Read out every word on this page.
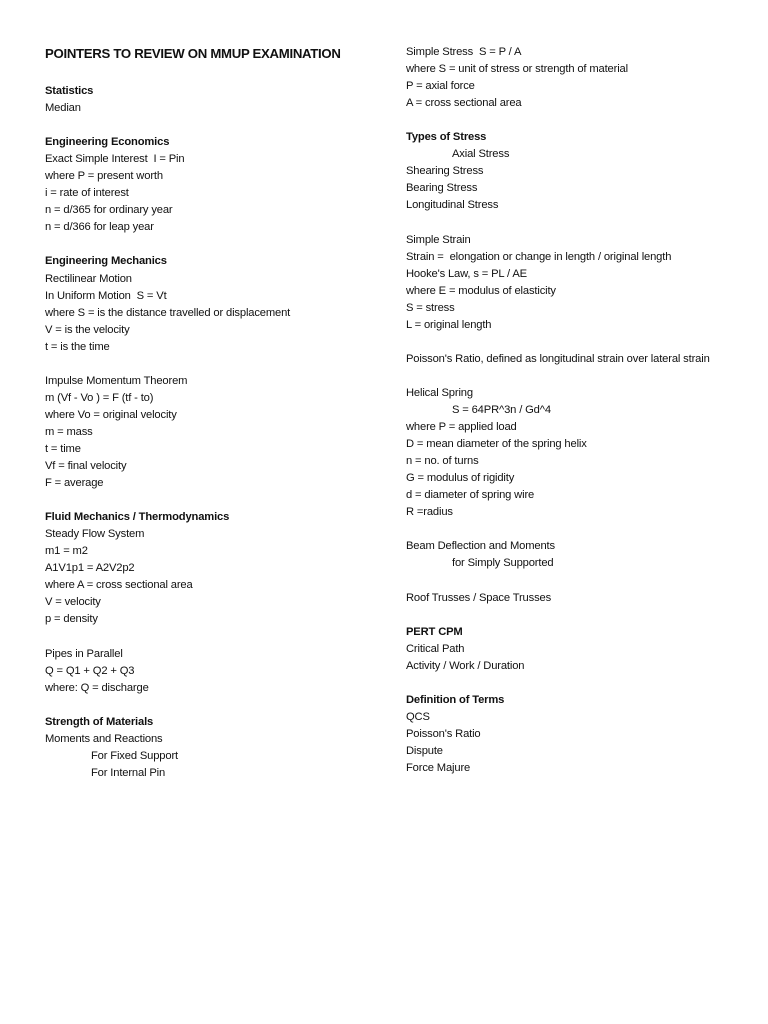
POINTERS TO REVIEW ON MMUP EXAMINATION
Statistics
Median
Engineering Economics
Exact Simple Interest  I = Pin
where P = present worth
i = rate of interest
n = d/365 for ordinary year
n = d/366 for leap year
Engineering Mechanics
Rectilinear Motion
In Uniform Motion  S = Vt
where S = is the distance travelled or displacement
V = is the velocity
t = is the time
Impulse Momentum Theorem
m (Vf - Vo ) = F (tf - to)
where Vo = original velocity
m = mass
t = time
Vf = final velocity
F = average
Fluid Mechanics / Thermodynamics
Steady Flow System
m1 = m2
A1V1p1 = A2V2p2
where A = cross sectional area
V = velocity
p = density
Pipes in Parallel
Q = Q1 + Q2 + Q3
where: Q = discharge
Strength of Materials
Moments and Reactions
For Fixed Support
For Internal Pin
Simple Stress  S = P / A
where S = unit of stress or strength of material
P = axial force
A = cross sectional area
Types of Stress
Axial Stress
Shearing Stress
Bearing Stress
Longitudinal Stress
Simple Strain
Strain =  elongation or change in length / original length
Hooke's Law, s = PL / AE
where E = modulus of elasticity
S = stress
L = original length
Poisson's Ratio, defined as longitudinal strain over lateral strain
Helical Spring
S = 64PR^3n / Gd^4
where P = applied load
D = mean diameter of the spring helix
n = no. of turns
G = modulus of rigidity
d = diameter of spring wire
R =radius
Beam Deflection and Moments
for Simply Supported
Roof Trusses / Space Trusses
PERT CPM
Critical Path
Activity / Work / Duration
Definition of Terms
QCS
Poisson's Ratio
Dispute
Force Majure
